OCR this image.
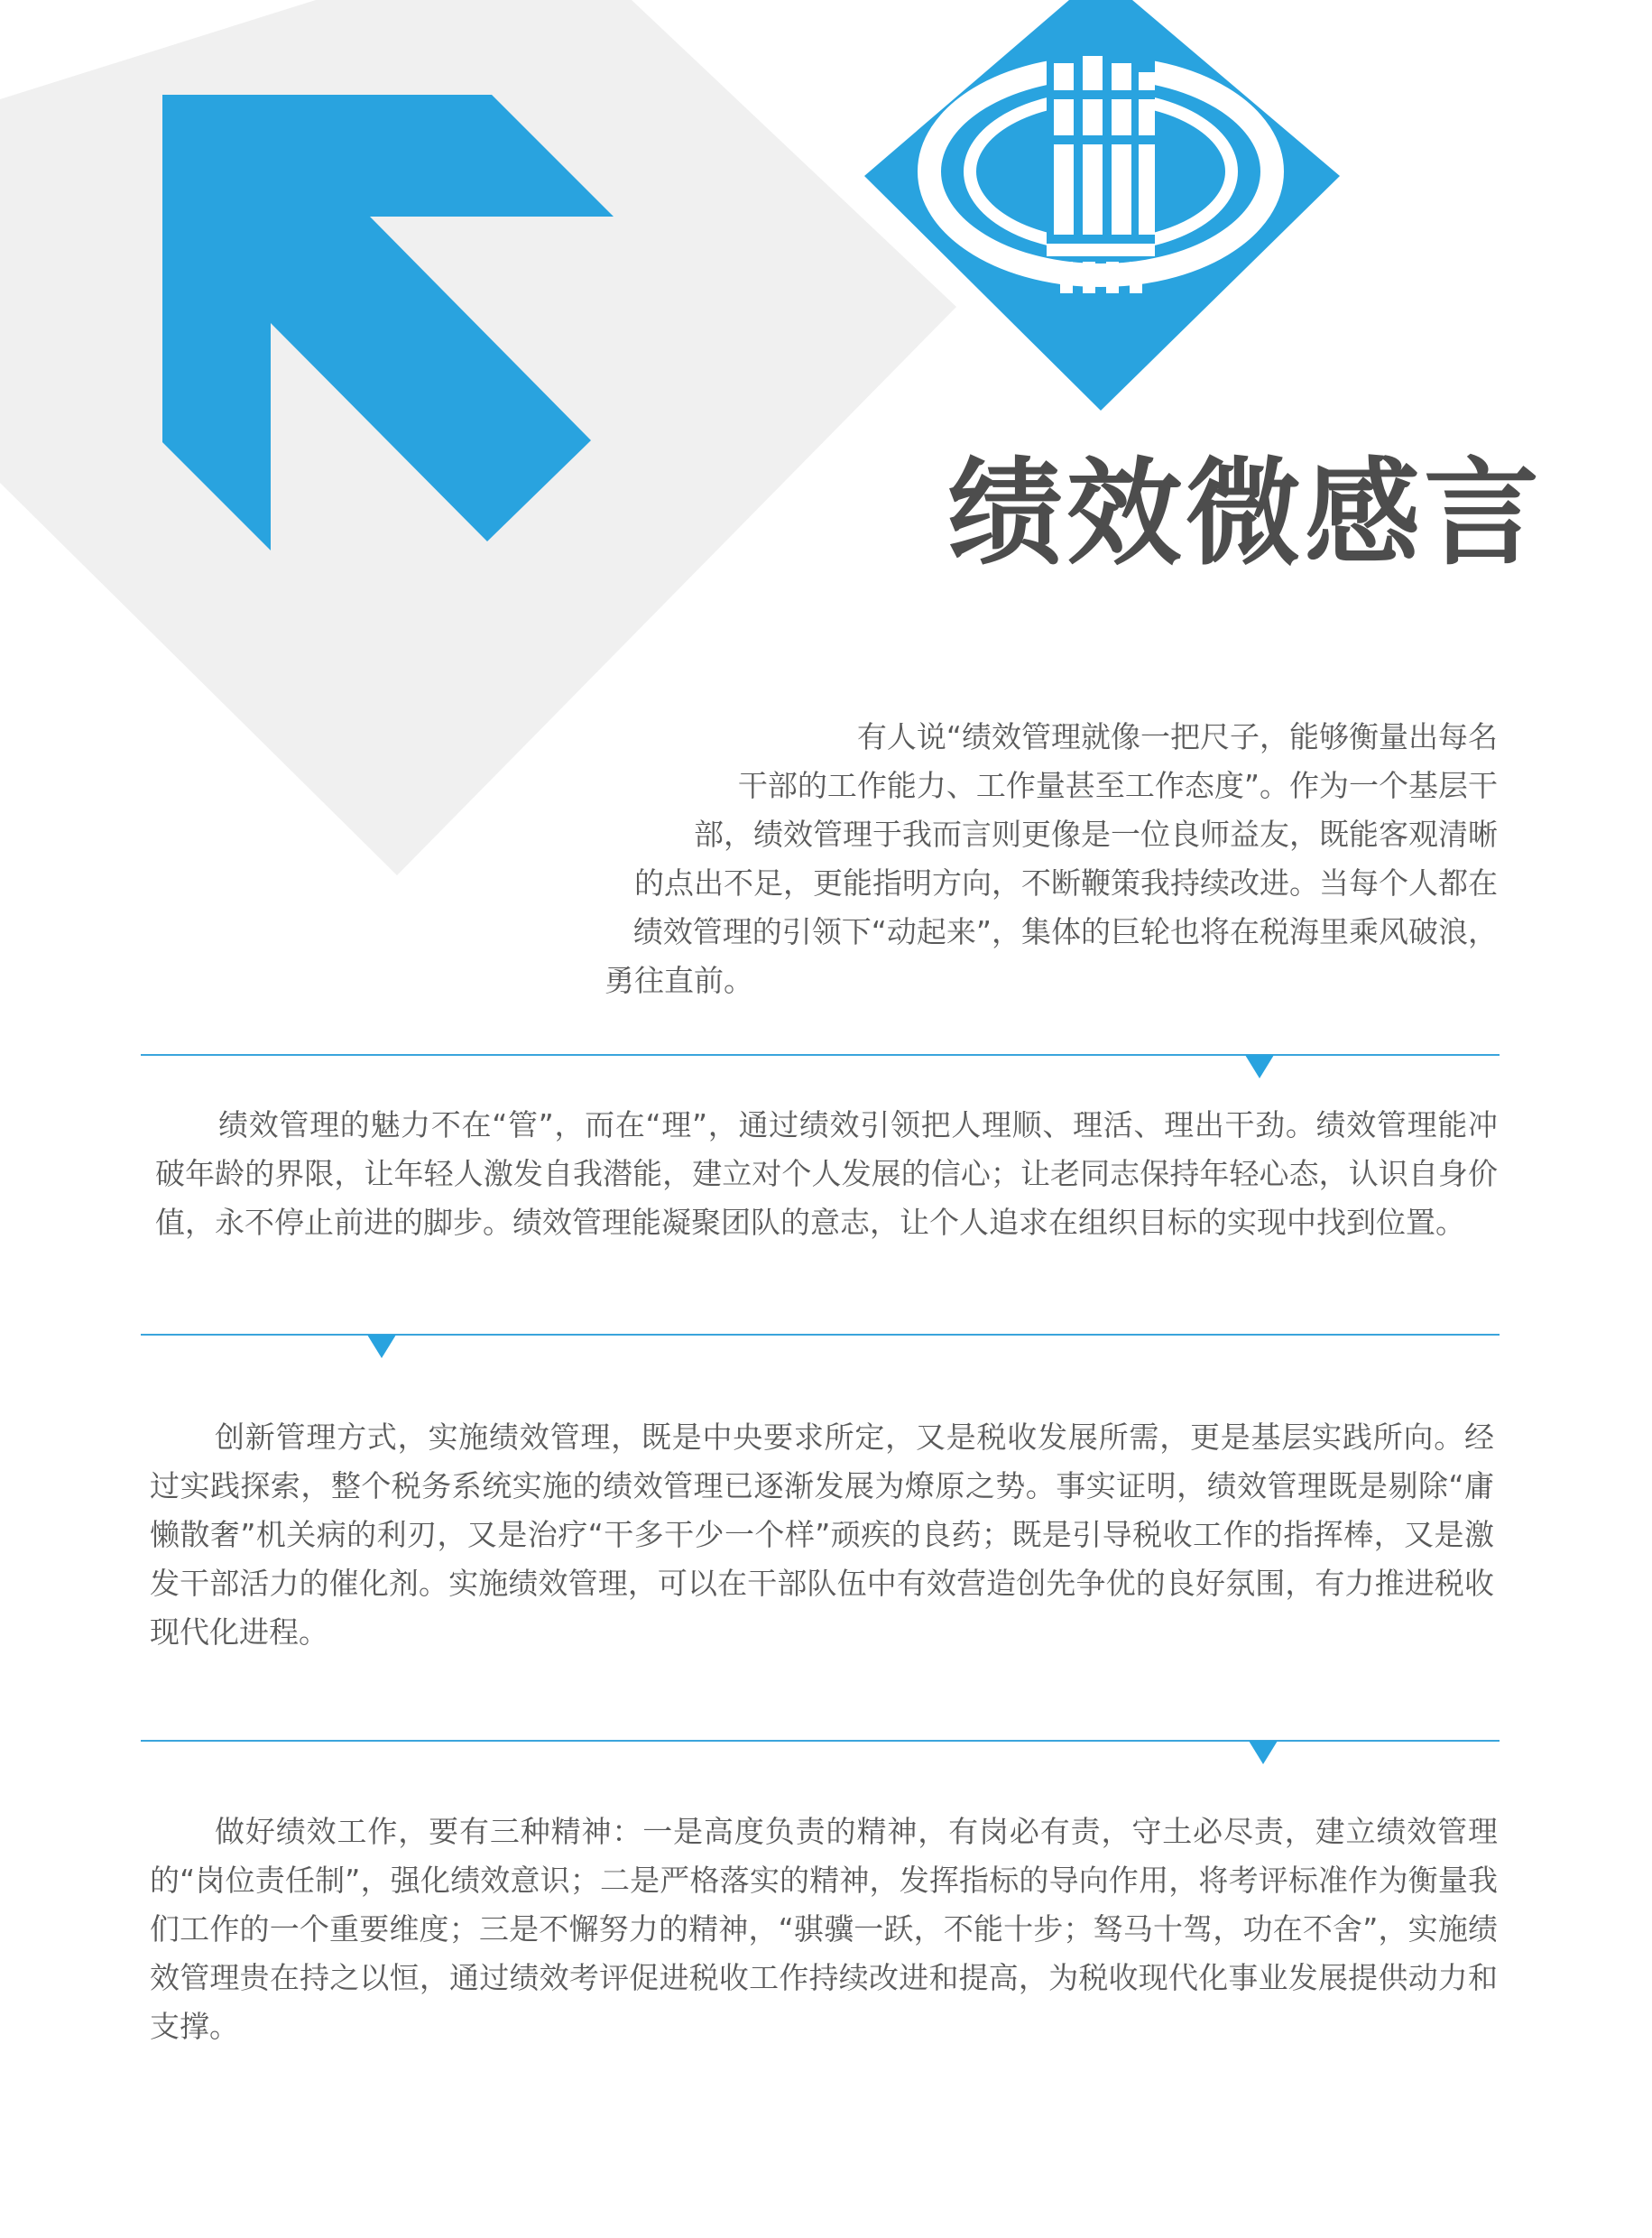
绩效微感言

有人说“绩效管理就像一把尺子，能够衡量出每名
干部的工作能力、工作量甚至工作态度”。作为一个基层干
部，绩效管理于我而言则更像是一位良师益友，既能客观清晰
的点出不足，更能指明方向，不断鞭策我持续改进。当每个人都在
绩效管理的引领下“动起来”，集体的巨轮也将在税海里乘风破浪，
勇往直前。

绩效管理的魅力不在“管”，而在“理”，通过绩效引领把人理顺、理活、理出干劲。绩效管理能冲破年龄的界限，让年轻人激发自我潜能，建立对个人发展的信心；让老同志保持年轻心态，认识自身价值，永不停止前进的脚步。绩效管理能凝聚团队的意志，让个人追求在组织目标的实现中找到位置。

创新管理方式，实施绩效管理，既是中央要求所定，又是税收发展所需，更是基层实践所向。经过实践探索，整个税务系统实施的绩效管理已逐渐发展为燎原之势。事实证明，绩效管理既是剔除“庸懒散奢”机关病的利刃，又是治疗“干多干少一个样”顽疾的良药；既是引导税收工作的指挥棒，又是激发干部活力的催化剂。实施绩效管理，可以在干部队伍中有效营造创先争优的良好氛围，有力推进税收现代化进程。

做好绩效工作，要有三种精神：一是高度负责的精神，有岗必有责，守土必尽责，建立绩效管理的“岗位责任制”，强化绩效意识；二是严格落实的精神，发挥指标的导向作用，将考评标准作为衡量我们工作的一个重要维度；三是不懈努力的精神，“骐骥一跃，不能十步；驽马十驾，功在不舍”，实施绩效管理贵在持之以恒，通过绩效考评促进税收工作持续改进和提高，为税收现代化事业发展提供动力和支撑。
